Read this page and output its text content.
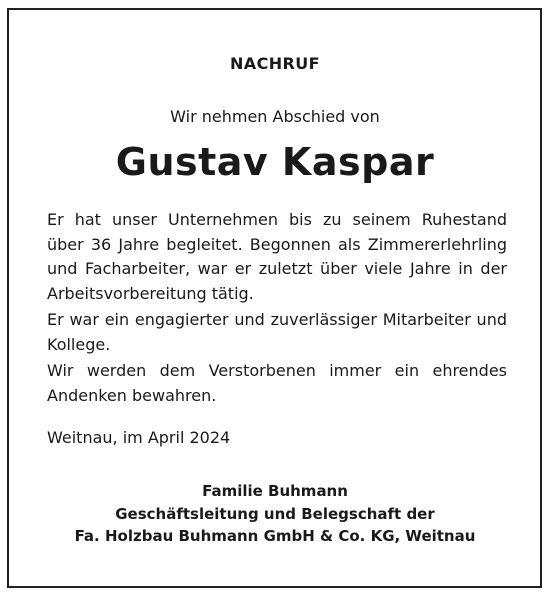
NACHRUF
Wir nehmen Abschied von
Gustav Kaspar
Er hat unser Unternehmen bis zu seinem Ruhestand über 36 Jahre begleitet. Begonnen als Zimmererlehrling und Facharbeiter, war er zuletzt über viele Jahre in der Arbeitsvorbereitung tätig.
Er war ein engagierter und zuverlässiger Mitarbeiter und Kollege.
Wir werden dem Verstorbenen immer ein ehrendes Andenken bewahren.
Weitnau, im April 2024
Familie Buhmann
Geschäftsleitung und Belegschaft der
Fa. Holzbau Buhmann GmbH & Co. KG, Weitnau
